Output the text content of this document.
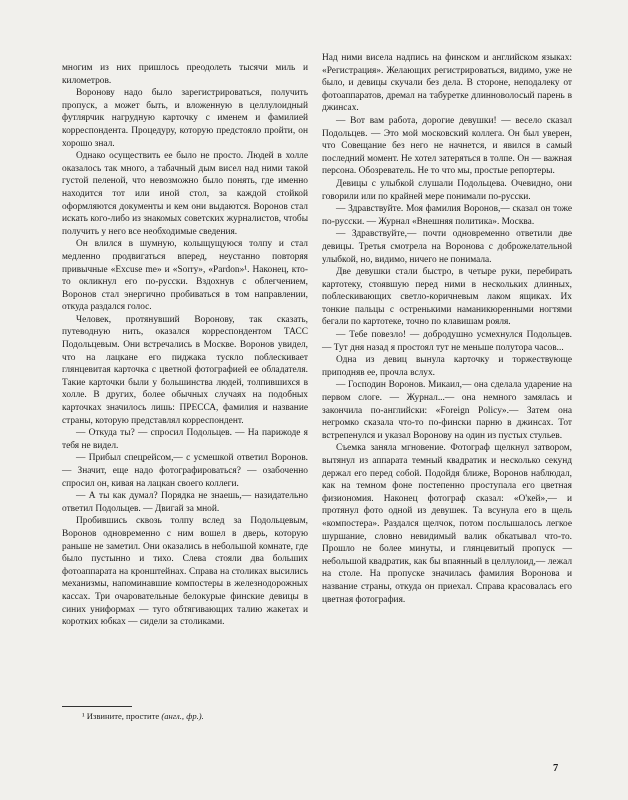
многим из них пришлось преодолеть тысячи миль и километров.

Воронову надо было зарегистрироваться, получить пропуск, а может быть, и вложенную в целлулоидный футлярчик нагрудную карточку с именем и фамилией корреспондента. Процедуру, которую предстояло пройти, он хорошо знал.

Однако осуществить ее было не просто. Людей в холле оказалось так много, а табачный дым висел над ними такой густой пеленой, что невозможно было понять, где именно находится тот или иной стол, за каждой стойкой оформляются документы и кем они выдаются. Воронов стал искать кого-либо из знакомых советских журналистов, чтобы получить у него все необходимые сведения.

Он влился в шумную, колыщущуюся толпу и стал медленно продвигаться вперед, неустанно повторяя привычные «Excuse me» и «Sorry», «Pardon»¹. Наконец, кто-то окликнул его по-русски. Вздохнув с облегчением, Воронов стал энергично пробиваться в том направлении, откуда раздался голос.

Человек, протянувший Воронову, так сказать, путеводную нить, оказался корреспондентом ТАСС Подольцевым. Они встречались в Москве. Воронов увидел, что на лацкане его пиджака тускло поблескивает глянцевитая карточка с цветной фотографией ее обладателя. Такие карточки были у большинства людей, толпившихся в холле. В других, более обычных случаях на подобных карточках значилось лишь: ПРЕССА, фамилия и название страны, которую представлял корреспондент.

— Откуда ты? — спросил Подольцев. — На парижоде я тебя не видел.

— Прибыл спецрейсом,— с усмешкой ответил Воронов.— Значит, еще надо фотографироваться? — озабоченно спросил он, кивая на лацкан своего коллеги.

— А ты как думал? Порядка не знаешь,— назидательно ответил Подольцев. — Двигай за мной.

Пробившись сквозь толпу вслед за Подольцевым, Воронов одновременно с ним вошел в дверь, которую раньше не заметил. Они оказались в небольшой комнате, где было пустынно и тихо. Слева стояли два больших фотоаппарата на кронштейнах. Справа на столиках высились механизмы, напоминавшие компостеры в железнодорожных кассах. Три очаровательные белокурые финские девицы в синих униформах — туго обтягивающих талию жакетах и коротких юбках — сидели за столиками.

Над ними висела надпись на финском и английском языках: «Регистрация». Желающих регистрироваться, видимо, уже не было, и девицы скучали без дела. В стороне, неподалеку от фотоаппаратов, дремал на табуретке длинноволосый парень в джинсах.

— Вот вам работа, дорогие девушки! — весело сказал Подольцев. — Это мой московский коллега. Он был уверен, что Совещание без него не начнется, и явился в самый последний момент. Не хотел затеряться в толпе. Он — важная персона. Обозреватель. Не то что мы, простые репортеры.

Девицы с улыбкой слушали Подольцева. Очевидно, они говорили или по крайней мере понимали по-русски.

— Здравствуйте. Моя фамилия Воронов,— сказал он тоже по-русски. — Журнал «Внешняя политика». Москва.

— Здравствуйте,— почти одновременно ответили две девицы. Третья смотрела на Воронова с доброжелательной улыбкой, но, видимо, ничего не понимала.

Две девушки стали быстро, в четыре руки, перебирать картотеку, стоявшую перед ними в нескольких длинных, поблескивающих светло-коричневым лаком ящиках. Их тонкие пальцы с остренькими наманикюренными ногтями бегали по картотеке, точно по клавишам рояля.

— Тебе повезло! — добродушно усмехнулся Подольцев. — Тут дня назад я простоял тут не меньше полутора часов...

Одна из девиц вынула карточку и торжествующе приподняв ее, прочла вслух.

— Господин Воронов. Микаил,— она сделала ударение на первом слоге. — Журнал...— она немного замялась и закончила по-английски: «Foreign Policy».— Затем она негромко сказала что-то по-фински парню в джинсах. Тот встрепенулся и указал Воронову на один из пустых стульев.

Съемка заняла мгновение. Фотограф щелкнул затвором, вытянул из аппарата темный квадратик и несколько секунд держал его перед собой. Подойдя ближе, Воронов наблюдал, как на темном фоне постепенно проступала его цветная физиономия. Наконец фотограф сказал: «О'кей»,— и протянул фото одной из девушек. Та всунула его в щель «компостера». Раздался щелчок, потом послышалось легкое шуршание, словно невидимый валик обкатывал что-то. Прошло не более минуты, и глянцевитый пропуск — небольшой квадратик, как бы впаянный в целлулоид,— лежал на столе. На пропуске значилась фамилия Воронова и название страны, откуда он приехал. Справа красовалась его цветная фотография.

¹ Извините, простите (англ., фр.).
7
